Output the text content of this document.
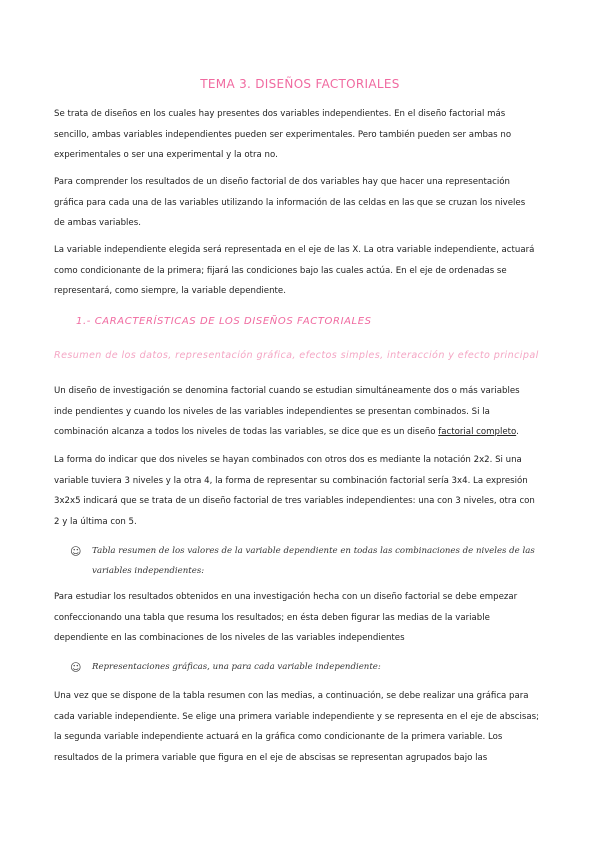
TEMA 3. DISEÑOS FACTORIALES
Se trata de diseños en los cuales hay presentes dos variables independientes. En el diseño factorial más
sencillo, ambas variables independientes pueden ser experimentales. Pero también pueden ser ambas no
experimentales o ser una experimental y la otra no.
Para comprender los resultados de un diseño factorial de dos variables hay que hacer una representación
gráfica para cada una de las variables utilizando la información de las celdas en las que se cruzan los niveles
de ambas variables.
La variable independiente elegida será representada en el eje de las X. La otra variable independiente, actuará
como condicionante de la primera; fijará las condiciones bajo las cuales actúa. En el eje de ordenadas se
representará, como siempre, la variable dependiente.
1.- CARACTERÍSTICAS DE LOS DISEÑOS FACTORIALES
Resumen de los datos, representación gráfica, efectos simples, interacción y efecto principal
Un diseño de investigación se denomina factorial cuando se estudian simultáneamente dos o más variables
inde pendientes y cuando los niveles de las variables independientes se presentan combinados. Si la
combinación alcanza a todos los niveles de todas las variables, se dice que es un diseño factorial completo.
La forma do indicar que dos niveles se hayan combinados con otros dos es mediante la notación 2x2. Si una
variable tuviera 3 niveles y la otra 4, la forma de representar su combinación factorial sería 3x4. La expresión
3x2x5 indicará que se trata de un diseño factorial de tres variables independientes: una con 3 niveles, otra con
2 y la última con 5.
☺ Tabla resumen de los valores de la variable dependiente en todas las combinaciones de niveles de las
variables independientes:
Para estudiar los resultados obtenidos en una investigación hecha con un diseño factorial se debe empezar
confeccionando una tabla que resuma los resultados; en ésta deben figurar las medias de la variable
dependiente en las combinaciones de los niveles de las variables independientes
☺ Representaciones gráficas, una para cada variable independiente:
Una vez que se dispone de la tabla resumen con las medias, a continuación, se debe realizar una gráfica para
cada variable independiente. Se elige una primera variable independiente y se representa en el eje de abscisas;
la segunda variable independiente actuará en la gráfica como condicionante de la primera variable. Los
resultados de la primera variable que figura en el eje de abscisas se representan agrupados bajo las
